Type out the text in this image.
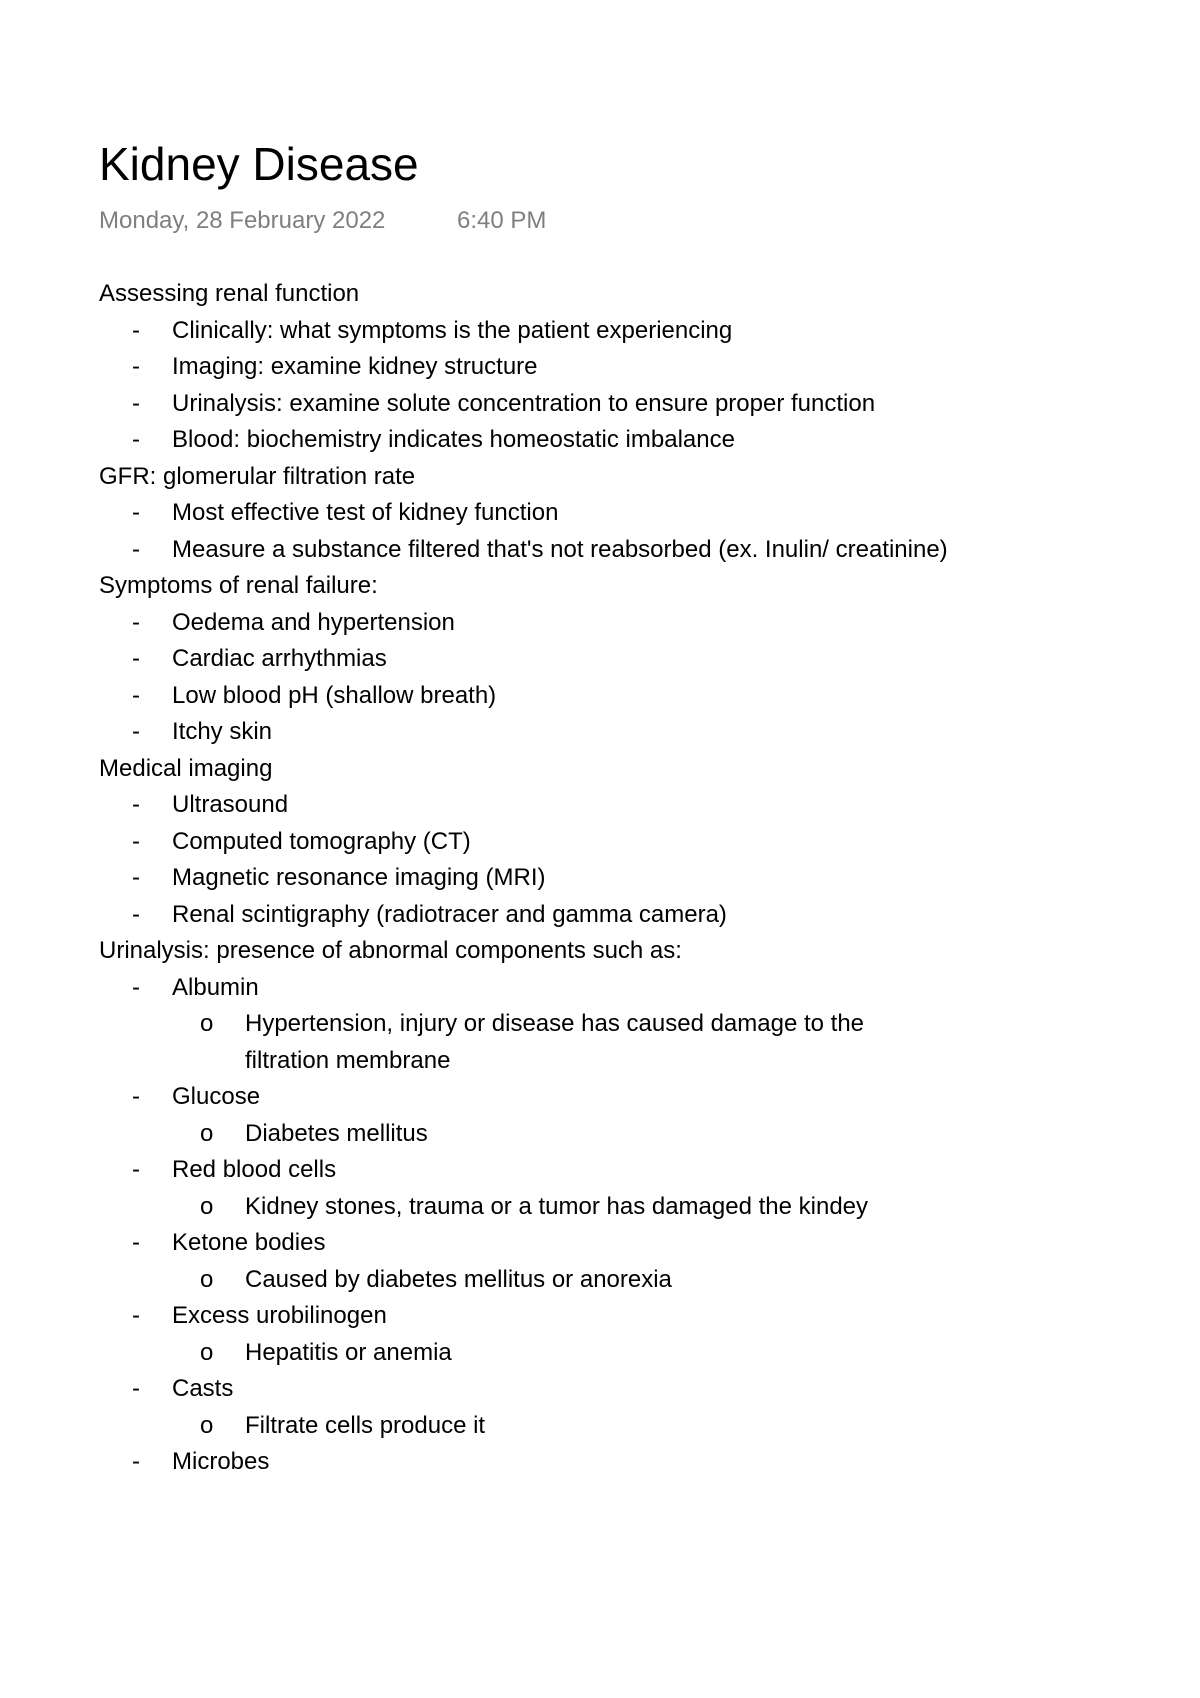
Kidney Disease
Monday, 28 February 2022	6:40 PM
Assessing renal function
- Clinically: what symptoms is the patient experiencing
- Imaging: examine kidney structure
- Urinalysis: examine solute concentration to ensure proper function
- Blood: biochemistry indicates homeostatic imbalance
GFR: glomerular filtration rate
- Most effective test of kidney function
- Measure a substance filtered that's not reabsorbed (ex. Inulin/ creatinine)
Symptoms of renal failure:
- Oedema and hypertension
- Cardiac arrhythmias
- Low blood pH (shallow breath)
- Itchy skin
Medical imaging
- Ultrasound
- Computed tomography (CT)
- Magnetic resonance imaging (MRI)
- Renal scintigraphy (radiotracer and gamma camera)
Urinalysis: presence of abnormal components such as:
- Albumin
o Hypertension, injury or disease has caused damage to the filtration membrane
- Glucose
o Diabetes mellitus
- Red blood cells
o Kidney stones, trauma or a tumor has damaged the kindey
- Ketone bodies
o Caused by diabetes mellitus or anorexia
- Excess urobilinogen
o Hepatitis or anemia
- Casts
o Filtrate cells produce it
- Microbes
